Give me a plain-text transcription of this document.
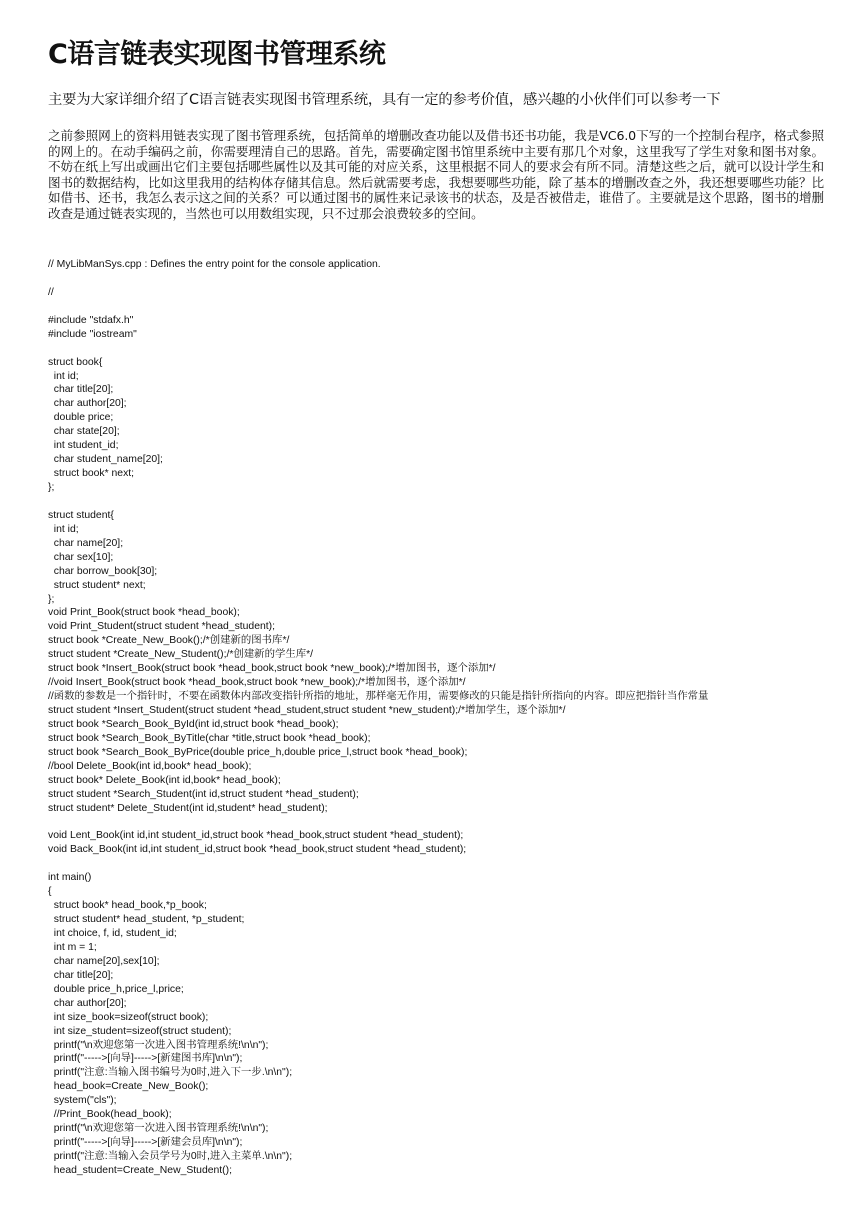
C语言链表实现图书管理系统

主要为大家详细介绍了C语言链表实现图书管理系统，具有一定的参考价值，感兴趣的小伙伴们可以参考一下

之前参照网上的资料用链表实现了图书管理系统，包括简单的增删改查功能以及借书还书功能，我是VC6.0下写的一个控制台程序，格式参照的网上的。在动手编码之前，你需要理清自己的思路。首先，需要确定图书馆里系统中主要有那几个对象，这里我写了学生对象和图书对象。不妨在纸上写出或画出它们主要包括哪些属性以及其可能的对应关系，这里根据不同人的要求会有所不同。清楚这些之后，就可以设计学生和图书的数据结构，比如这里我用的结构体存储其信息。然后就需要考虑，我想要哪些功能，除了基本的增删改查之外，我还想要哪些功能？比如借书、还书，我怎么表示这之间的关系？可以通过图书的属性来记录该书的状态，及是否被借走，谁借了。主要就是这个思路，图书的增删改查是通过链表实现的，当然也可以用数组实现，只不过那会浪费较多的空间。

// MyLibManSys.cpp : Defines the entry point for the console application.
//
#include "stdafx.h"
#include "iostream"
struct book{
int id;
char title[20];
char author[20];
double price;
char state[20];
int student_id;
char student_name[20];
struct book* next;
};
struct student{
int id;
char name[20];
char sex[10];
char borrow_book[30];
struct student* next;
};
void Print_Book(struct book *head_book);
void Print_Student(struct student *head_student);
struct book *Create_New_Book();/*创建新的图书库*/
struct student *Create_New_Student();/*创建新的学生库*/
struct book *Insert_Book(struct book *head_book,struct book *new_book);/*增加图书，逐个添加*/
//void Insert_Book(struct book *head_book,struct book *new_book);/*增加图书，逐个添加*/
//函数的参数是一个指针时，不要在函数体内部改变指针所指的地址，那样毫无作用，需要修改的只能是指针所指向的内容。即应把指针当作常量
struct student *Insert_Student(struct student *head_student,struct student *new_student);/*增加学生，逐个添加*/
struct book *Search_Book_ById(int id,struct book *head_book);
struct book *Search_Book_ByTitle(char *title,struct book *head_book);
struct book *Search_Book_ByPrice(double price_h,double price_l,struct book *head_book);
//bool Delete_Book(int id,book* head_book);
struct book* Delete_Book(int id,book* head_book);
struct student *Search_Student(int id,struct student *head_student);
struct student* Delete_Student(int id,student* head_student);
void Lent_Book(int id,int student_id,struct book *head_book,struct student *head_student);
void Back_Book(int id,int student_id,struct book *head_book,struct student *head_student);
int main()
{
struct book* head_book,*p_book;
struct student* head_student, *p_student;
int choice, f, id, student_id;
int m = 1;
char name[20],sex[10];
char title[20];
double price_h,price_l,price;
char author[20];
int size_book=sizeof(struct book);
int size_student=sizeof(struct student);
printf("\n欢迎您第一次进入图书管理系统!\n\n");
printf("----->[向导]----->[新建图书库]\n\n");
printf("注意:当输入图书编号为0时,进入下一步.\n\n");
head_book=Create_New_Book();
system("cls");
//Print_Book(head_book);
printf("\n欢迎您第一次进入图书管理系统!\n\n");
printf("----->[向导]----->[新建会员库]\n\n");
printf("注意:当输入会员学号为0时,进入主菜单.\n\n");
head_student=Create_New_Student();
